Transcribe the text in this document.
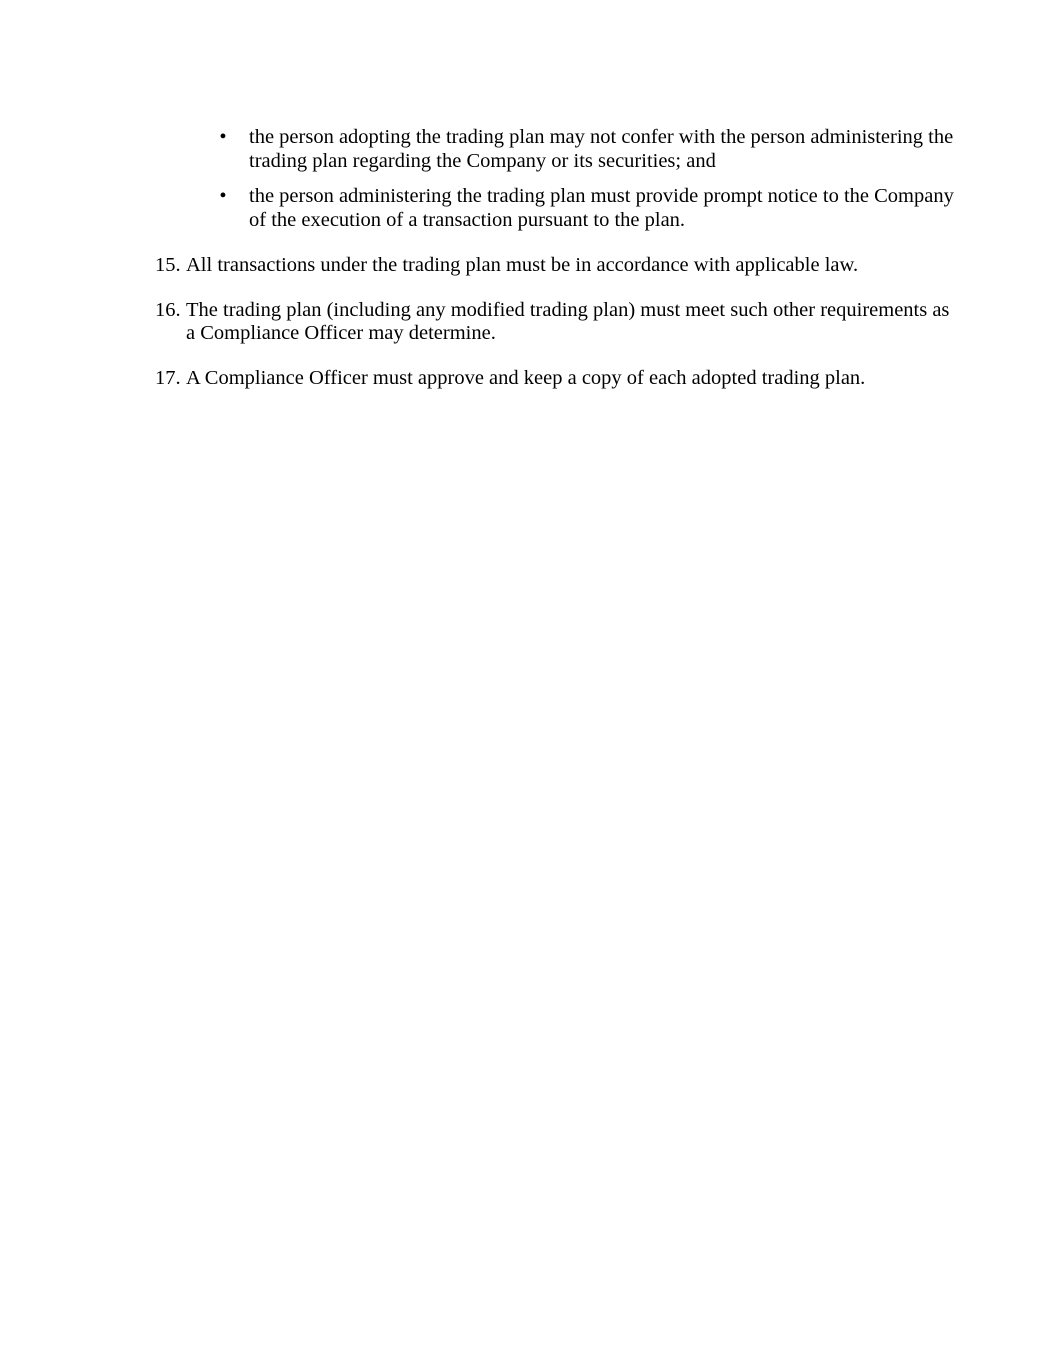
• the person adopting the trading plan may not confer with the person administering the trading plan regarding the Company or its securities; and
• the person administering the trading plan must provide prompt notice to the Company of the execution of a transaction pursuant to the plan.
15. All transactions under the trading plan must be in accordance with applicable law.
16. The trading plan (including any modified trading plan) must meet such other requirements as a Compliance Officer may determine.
17. A Compliance Officer must approve and keep a copy of each adopted trading plan.
